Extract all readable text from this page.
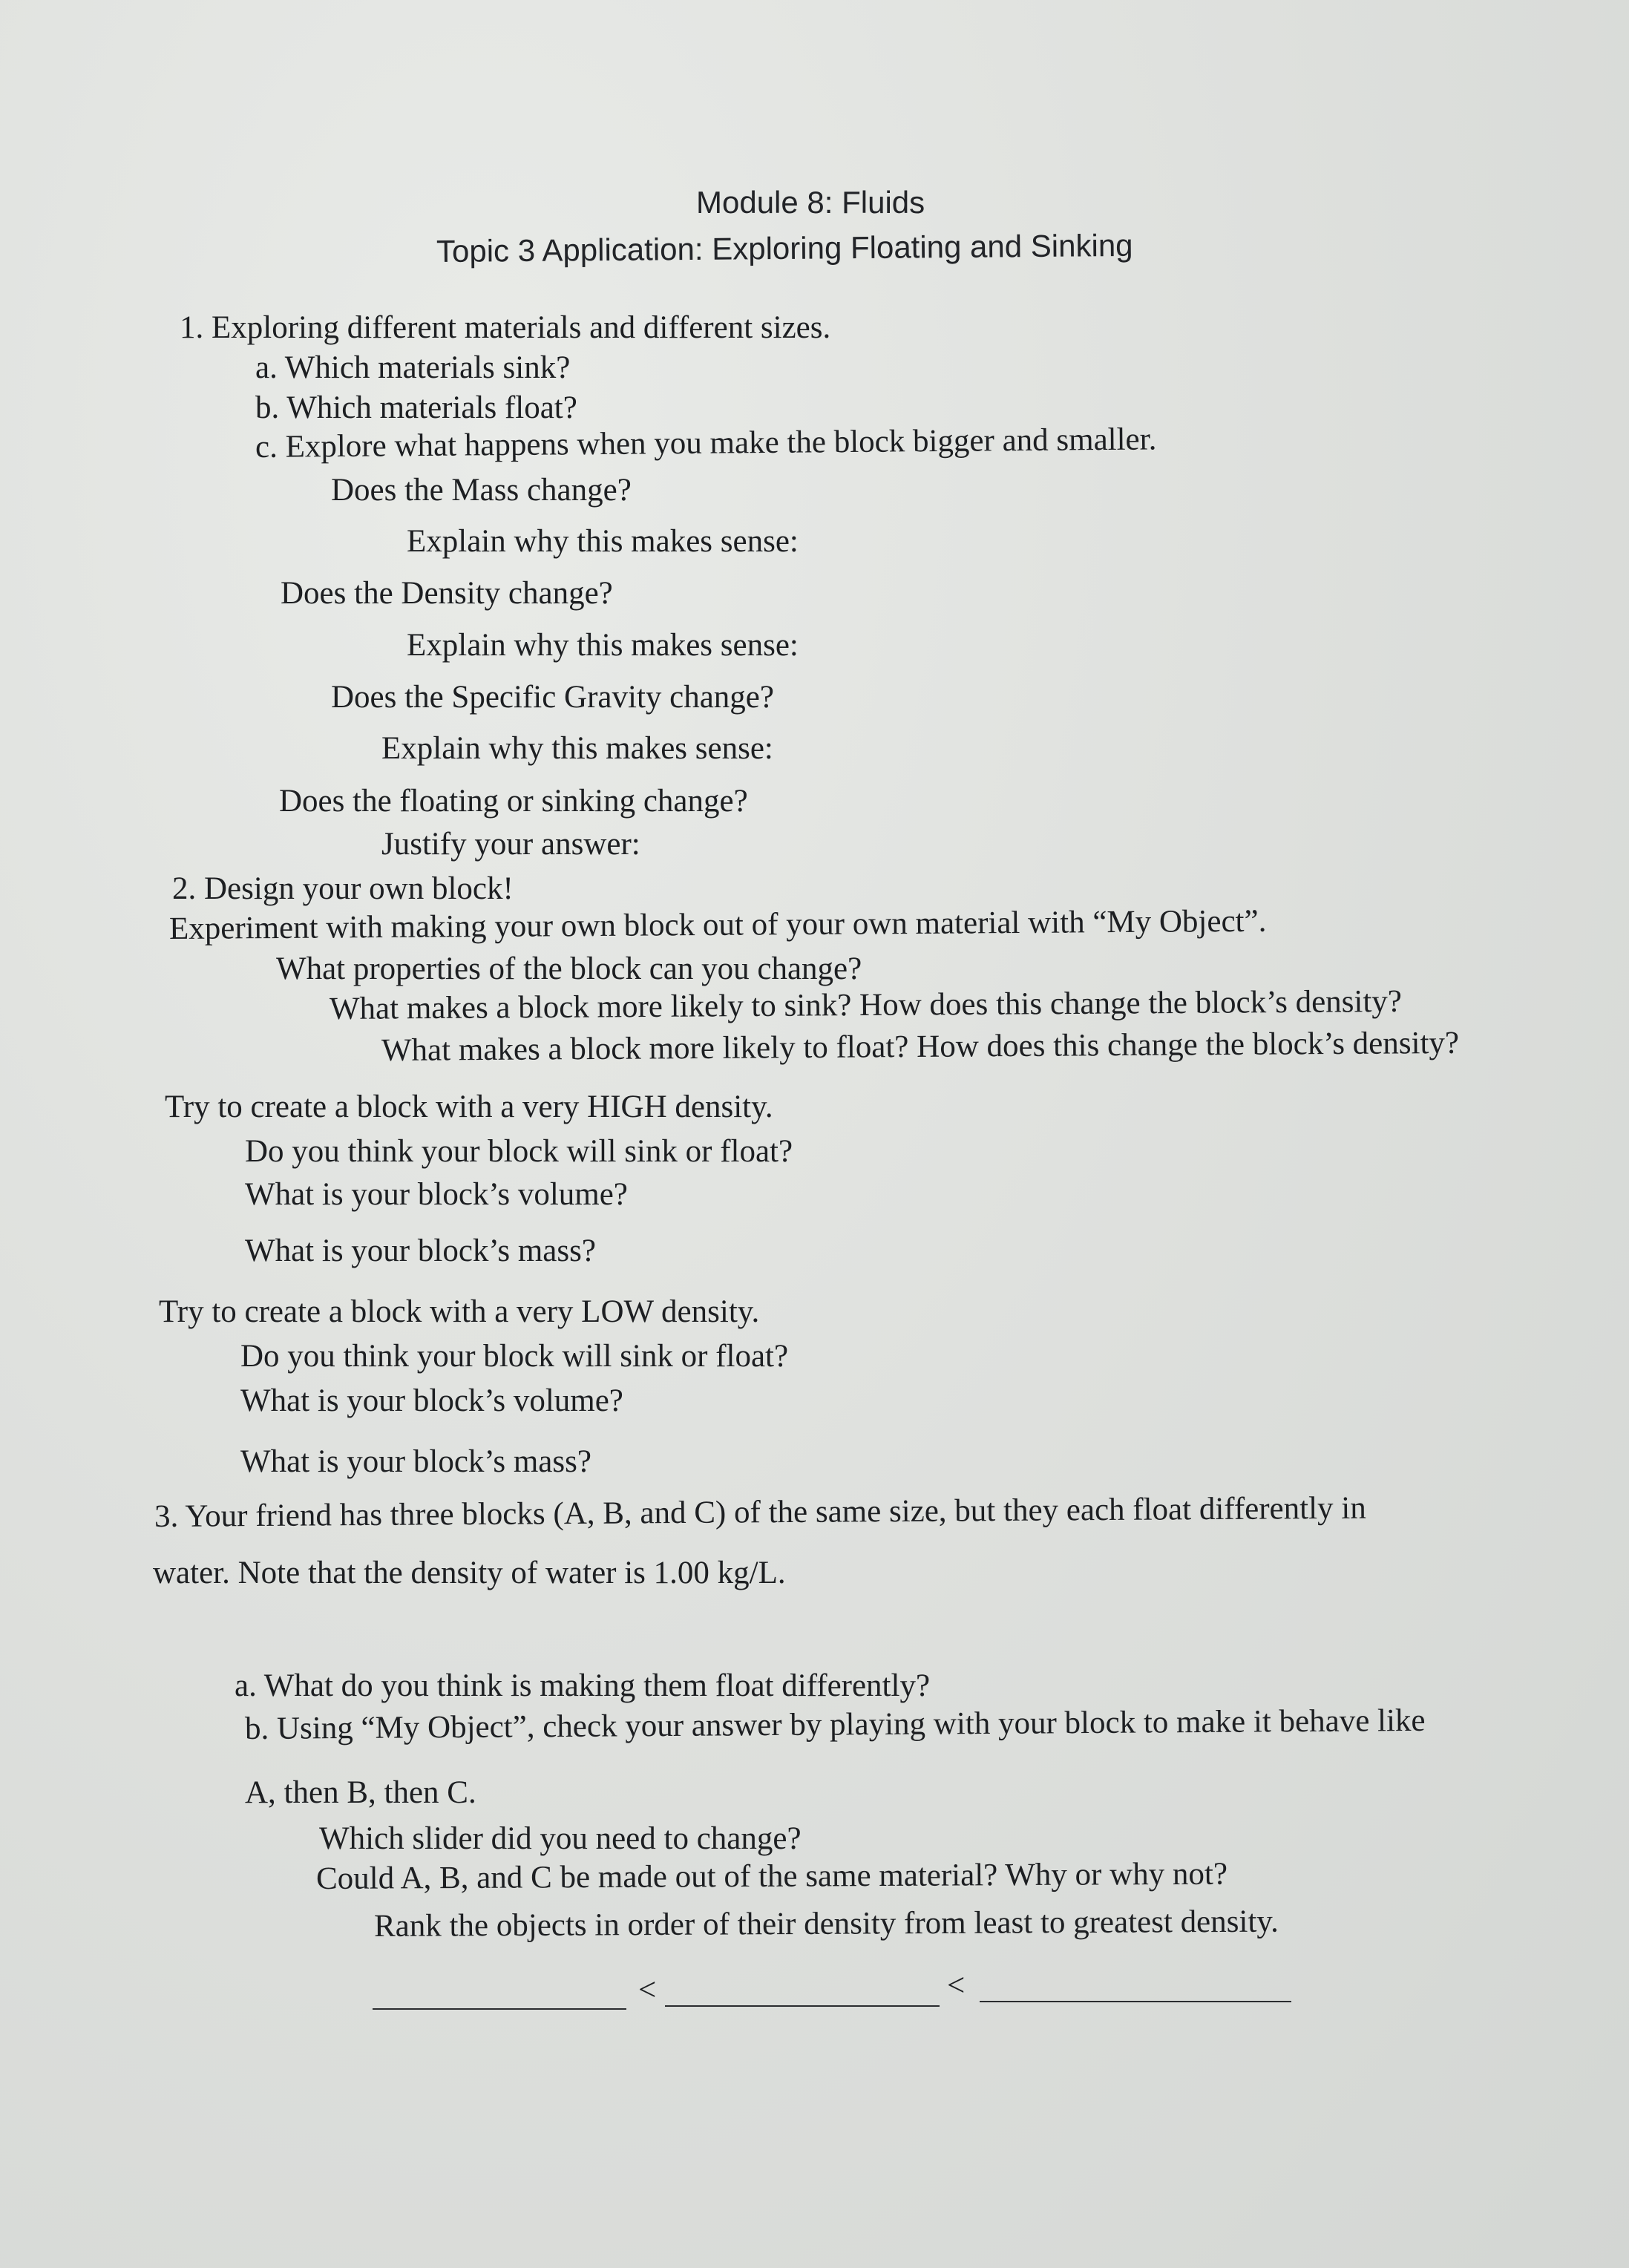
Module 8: Fluids
Topic 3 Application: Exploring Floating and Sinking
1. Exploring different materials and different sizes.
a. Which materials sink?
b. Which materials float?
c. Explore what happens when you make the block bigger and smaller.
Does the Mass change?
Explain why this makes sense:
Does the Density change?
Explain why this makes sense:
Does the Specific Gravity change?
Explain why this makes sense:
Does the floating or sinking change?
Justify your answer:
2. Design your own block!
Experiment with making your own block out of your own material with “My Object”.
What properties of the block can you change?
What makes a block more likely to sink? How does this change the block’s density?
What makes a block more likely to float? How does this change the block’s density?
Try to create a block with a very HIGH density.
Do you think your block will sink or float?
What is your block’s volume?
What is your block’s mass?
Try to create a block with a very LOW density.
Do you think your block will sink or float?
What is your block’s volume?
What is your block’s mass?
3. Your friend has three blocks (A, B, and C) of the same size, but they each float differently in
water. Note that the density of water is 1.00 kg/L.
a. What do you think is making them float differently?
b. Using “My Object”, check your answer by playing with your block to make it behave like
A, then B, then C.
Which slider did you need to change?
Could A, B, and C be made out of the same material? Why or why not?
Rank the objects in order of their density from least to greatest density.
<	<
